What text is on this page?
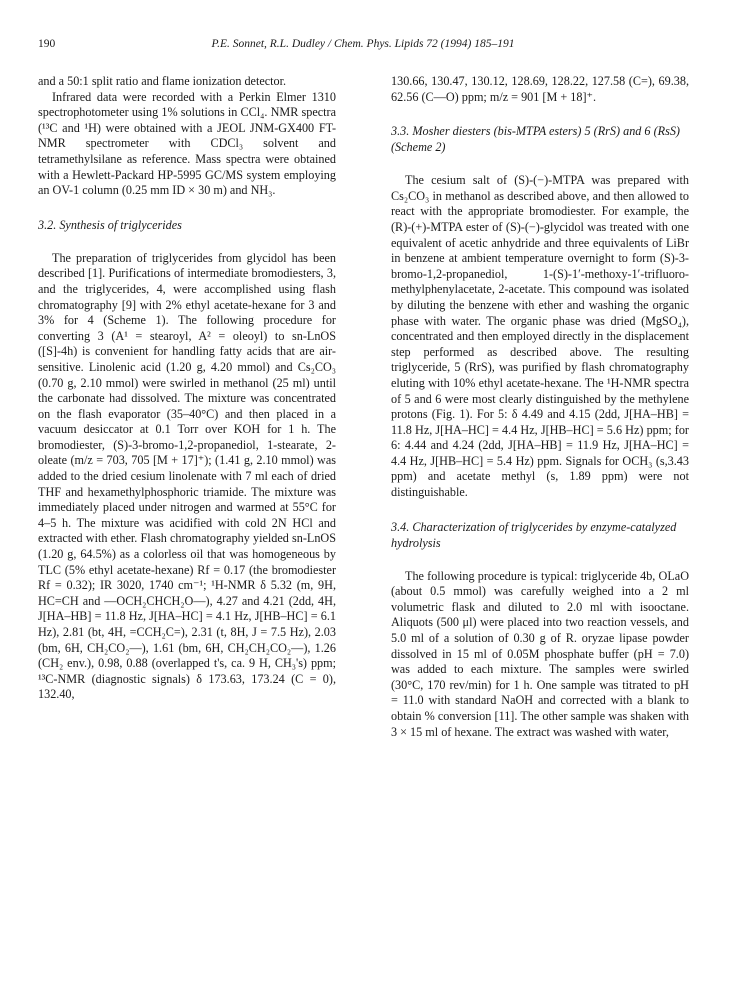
190	P.E. Sonnet, R.L. Dudley / Chem. Phys. Lipids 72 (1994) 185–191

and a 50:1 split ratio and flame ionization detector.

Infrared data were recorded with a Perkin Elmer 1310 spectrophotometer using 1% solutions in CCl₄. NMR spectra (¹³C and ¹H) were obtained with a JEOL JNM-GX400 FT-NMR spectrometer with CDCl₃ solvent and tetramethylsilane as reference. Mass spectra were obtained with a Hewlett-Packard HP-5995 GC/MS system employing an OV-1 column (0.25 mm ID × 30 m) and NH₃.

3.2. Synthesis of triglycerides

The preparation of triglycerides from glycidol has been described [1]. Purifications of intermediate bromodiesters, 3, and the triglycerides, 4, were accomplished using flash chromatography [9] with 2% ethyl acetate-hexane for 3 and 3% for 4 (Scheme 1). The following procedure for converting 3 (A¹ = stearoyl, A² = oleoyl) to sn-LnOS ([S]-4h) is convenient for handling fatty acids that are air-sensitive. Linolenic acid (1.20 g, 4.20 mmol) and Cs₂CO₃ (0.70 g, 2.10 mmol) were swirled in methanol (25 ml) until the carbonate had dissolved. The mixture was concentrated on the flash evaporator (35–40°C) and then placed in a vacuum desiccator at 0.1 Torr over KOH for 1 h. The bromodiester, (S)-3-bromo-1,2-propanediol, 1-stearate, 2-oleate (m/z = 703, 705 [M + 17]⁺); (1.41 g, 2.10 mmol) was added to the dried cesium linolenate with 7 ml each of dried THF and hexamethylphosphoric triamide. The mixture was immediately placed under nitrogen and warmed at 55°C for 4–5 h. The mixture was acidified with cold 2N HCl and extracted with ether. Flash chromatography yielded sn-LnOS (1.20 g, 64.5%) as a colorless oil that was homogeneous by TLC (5% ethyl acetate-hexane) Rf = 0.17 (the bromodiester Rf = 0.32); IR 3020, 1740 cm⁻¹; ¹H-NMR δ 5.32 (m, 9H, HC=CH and —OCH₂CHCH₂O—), 4.27 and 4.21 (2dd, 4H, J[HA–HB] = 11.8 Hz, J[HA–HC] = 4.1 Hz, J[HB–HC] = 6.1 Hz), 2.81 (bt, 4H, =CCH₂C=), 2.31 (t, 8H, J = 7.5 Hz), 2.03 (bm, 6H, CH₂CO₂—), 1.61 (bm, 6H, CH₂CH₂CO₂—), 1.26 (CH₂ env.), 0.98, 0.88 (overlapped t's, ca. 9 H, CH₃'s) ppm; ¹³C-NMR (diagnostic signals) δ 173.63, 173.24 (C = 0), 132.40,

130.66, 130.47, 130.12, 128.69, 128.22, 127.58 (C=), 69.38, 62.56 (C—O) ppm; m/z = 901 [M + 18]⁺.

3.3. Mosher diesters (bis-MTPA esters) 5 (RrS) and 6 (RsS) (Scheme 2)

The cesium salt of (S)-(−)-MTPA was prepared with Cs₂CO₃ in methanol as described above, and then allowed to react with the appropriate bromodiester. For example, the (R)-(+)-MTPA ester of (S)-(−)-glycidol was treated with one equivalent of acetic anhydride and three equivalents of LiBr in benzene at ambient temperature overnight to form (S)-3-bromo-1,2-propanediol, 1-(S)-1′-methoxy-1′-trifluoro-methylphenylacetate, 2-acetate. This compound was isolated by diluting the benzene with ether and washing the organic phase with water. The organic phase was dried (MgSO₄), concentrated and then employed directly in the displacement step performed as described above. The resulting triglyceride, 5 (RrS), was purified by flash chromatography eluting with 10% ethyl acetate-hexane. The ¹H-NMR spectra of 5 and 6 were most clearly distinguished by the methylene protons (Fig. 1). For 5: δ 4.49 and 4.15 (2dd, J[HA–HB] = 11.8 Hz, J[HA–HC] = 4.4 Hz, J[HB–HC] = 5.6 Hz) ppm; for 6: 4.44 and 4.24 (2dd, J[HA–HB] = 11.9 Hz, J[HA–HC] = 4.4 Hz, J[HB–HC] = 5.4 Hz) ppm. Signals for OCH₃ (s,3.43 ppm) and acetate methyl (s, 1.89 ppm) were not distinguishable.

3.4. Characterization of triglycerides by enzyme-catalyzed hydrolysis

The following procedure is typical: triglyceride 4b, OLaO (about 0.5 mmol) was carefully weighed into a 2 ml volumetric flask and diluted to 2.0 ml with isooctane. Aliquots (500 μl) were placed into two reaction vessels, and 5.0 ml of a solution of 0.30 g of R. oryzae lipase powder dissolved in 15 ml of 0.05M phosphate buffer (pH = 7.0) was added to each mixture. The samples were swirled (30°C, 170 rev/min) for 1 h. One sample was titrated to pH = 11.0 with standard NaOH and corrected with a blank to obtain % conversion [11]. The other sample was shaken with 3 × 15 ml of hexane. The extract was washed with water,
